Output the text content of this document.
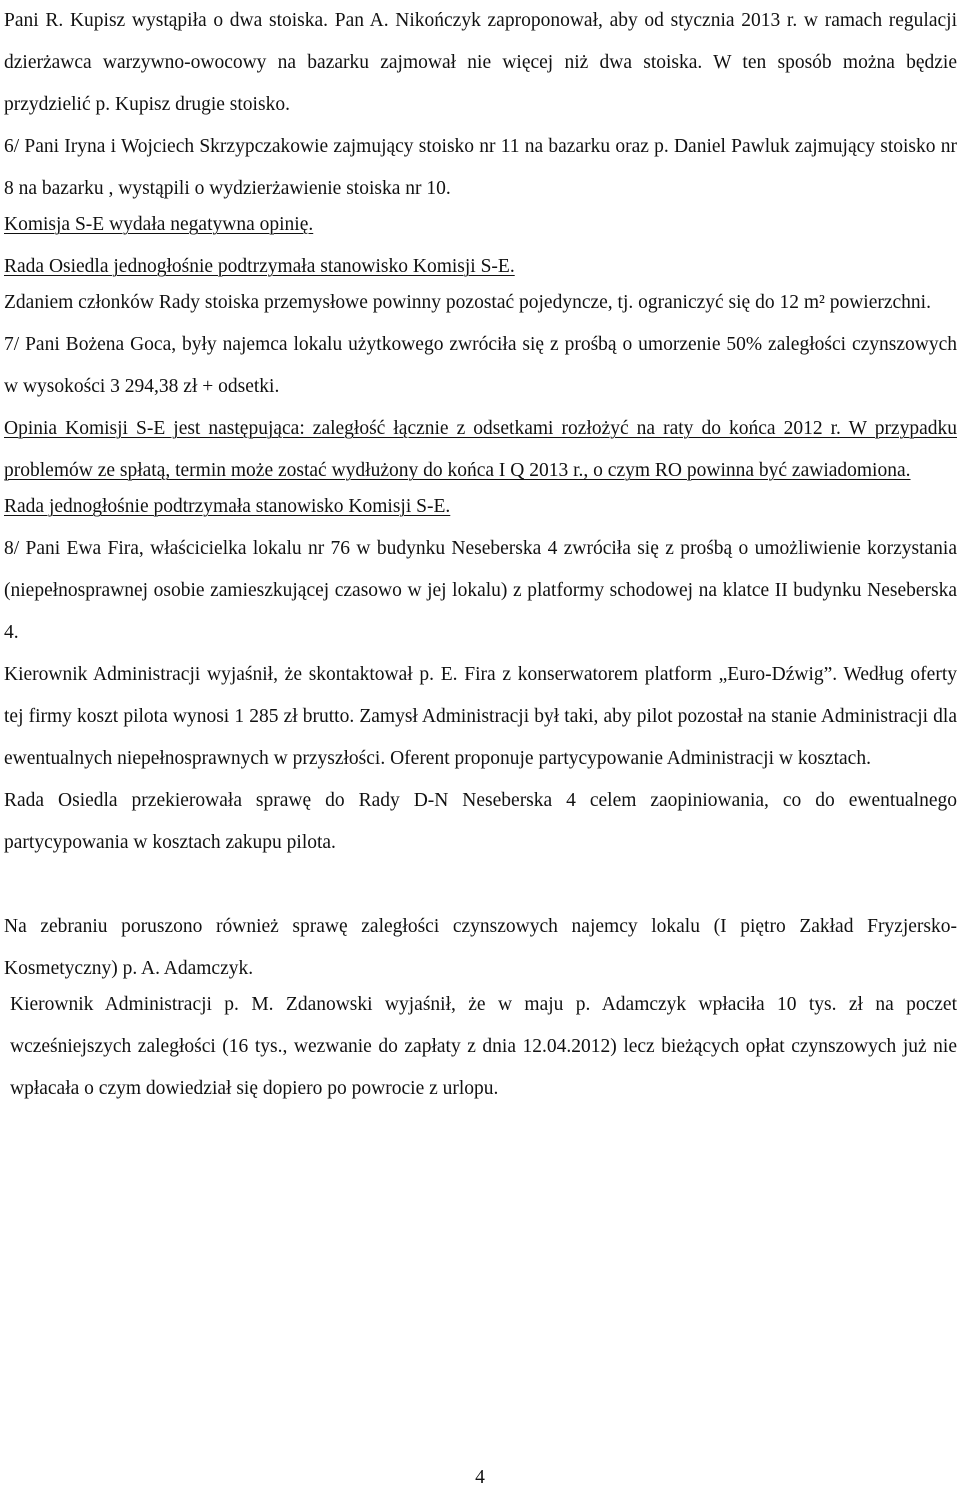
Pani R. Kupisz wystąpiła o dwa stoiska. Pan A. Nikończyk zaproponował, aby od stycznia 2013 r. w ramach regulacji dzierżawca warzywno-owocowy na bazarku zajmował nie więcej niż dwa stoiska. W ten sposób można będzie przydzielić p. Kupisz drugie stoisko.

6/ Pani Iryna i Wojciech Skrzypczakowie zajmujący stoisko nr 11 na bazarku oraz p. Daniel Pawluk zajmujący stoisko nr 8 na bazarku , wystąpili o wydzierżawienie stoiska nr 10.

Komisja S-E wydała negatywna opinię.

Rada Osiedla jednogłośnie podtrzymała stanowisko Komisji S-E.

Zdaniem członków Rady stoiska przemysłowe powinny pozostać pojedyncze, tj. ograniczyć się do 12 m² powierzchni.

7/ Pani Bożena Goca, były najemca lokalu użytkowego zwróciła się z prośbą o umorzenie 50% zaległości czynszowych w wysokości 3 294,38 zł + odsetki.

Opinia Komisji S-E jest następująca: zaległość łącznie z odsetkami rozłożyć na raty do końca 2012 r. W przypadku problemów ze spłatą, termin może zostać wydłużony do końca I Q 2013 r., o czym RO powinna być zawiadomiona.

Rada jednogłośnie podtrzymała stanowisko Komisji S-E.

8/ Pani Ewa Fira, właścicielka lokalu nr 76 w budynku Neseberska 4 zwróciła się z prośbą o umożliwienie korzystania (niepełnosprawnej osobie zamieszkującej czasowo w jej lokalu) z platformy schodowej na klatce II budynku Neseberska 4.

Kierownik Administracji wyjaśnił, że skontaktował p. E. Fira z konserwatorem platform „Euro-Dźwig”. Według oferty tej firmy koszt pilota wynosi 1 285 zł brutto. Zamysł Administracji był taki, aby pilot pozostał na stanie Administracji dla ewentualnych niepełnosprawnych w przyszłości. Oferent proponuje partycypowanie Administracji w kosztach.

Rada Osiedla przekierowała sprawę do Rady D-N Neseberska 4 celem zaopiniowania, co do ewentualnego partycypowania w kosztach zakupu pilota.

Na zebraniu poruszono również sprawę zaległości czynszowych najemcy lokalu (I piętro Zakład Fryzjersko-Kosmetyczny) p. A. Adamczyk.

Kierownik Administracji p. M. Zdanowski wyjaśnił, że w maju p. Adamczyk wpłaciła 10 tys. zł na poczet wcześniejszych zaległości (16 tys., wezwanie do zapłaty z dnia 12.04.2012) lecz bieżących opłat czynszowych już nie wpłacała o czym dowiedział się dopiero po powrocie z urlopu.

4
